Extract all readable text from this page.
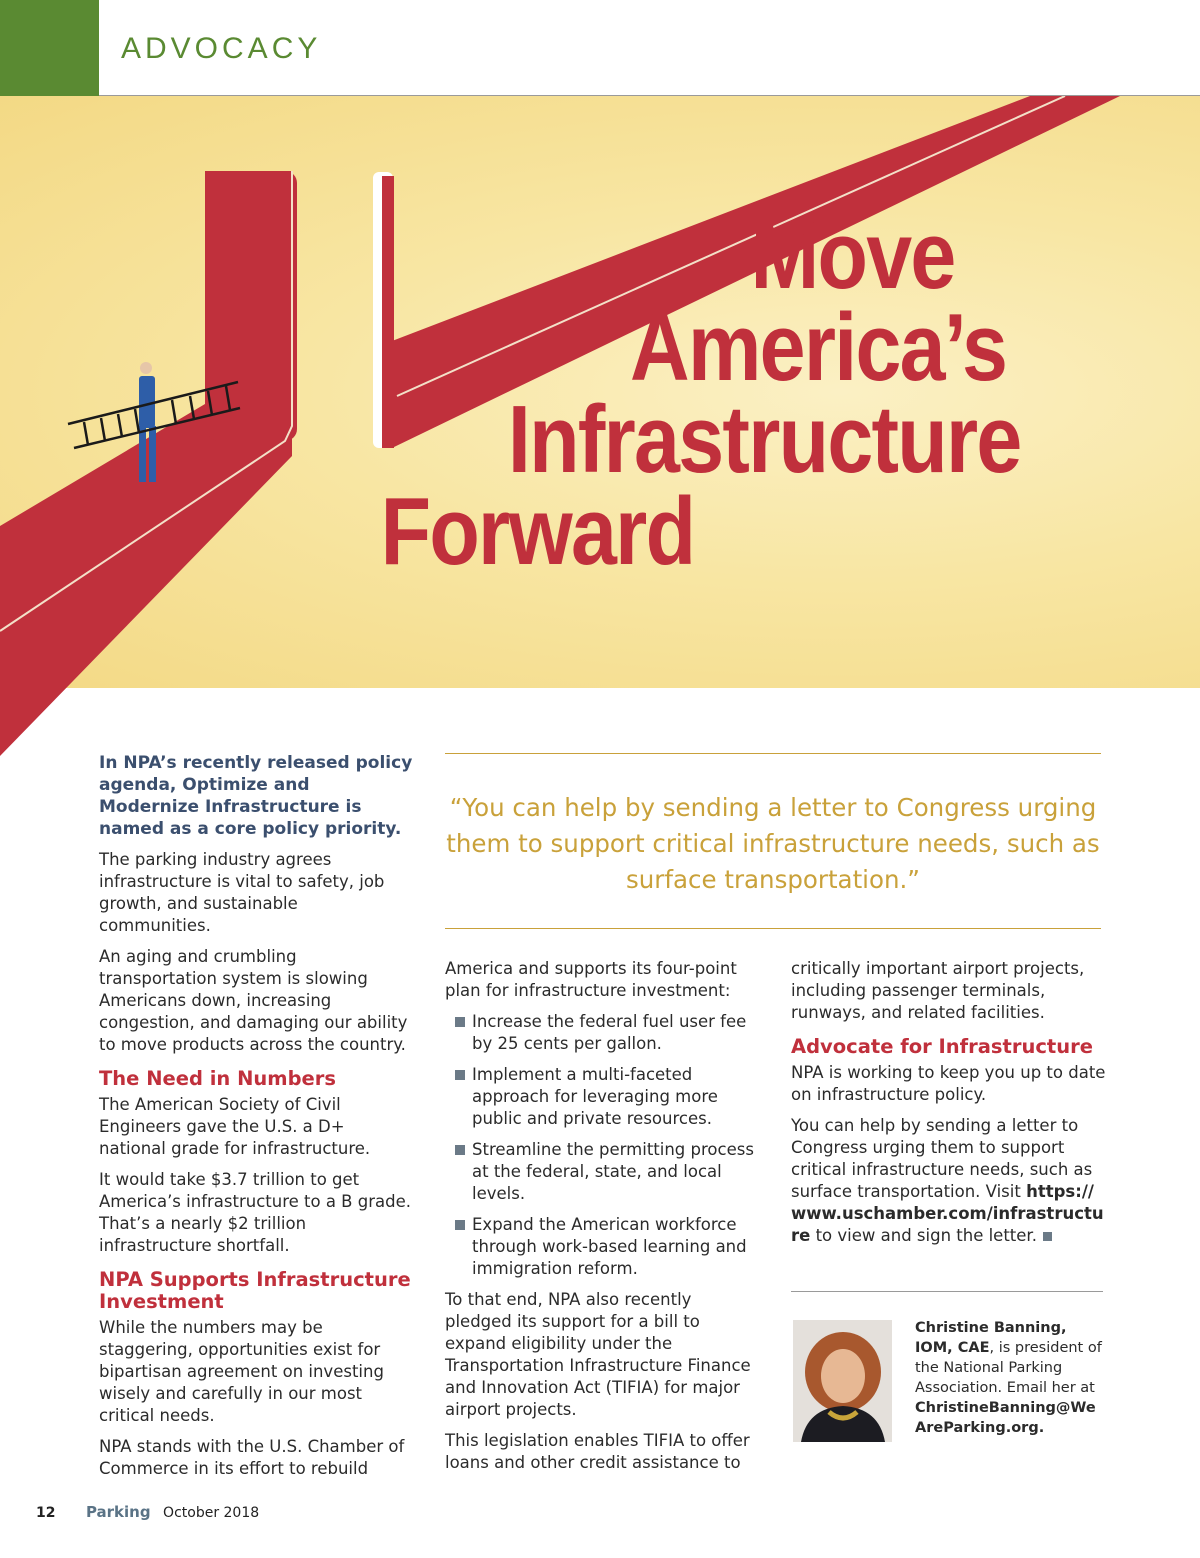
ADVOCACY
Move
America’s
Infrastructure
Forward

In NPA’s recently released policy agenda, Optimize and Modernize Infrastructure is named as a core policy priority.

The parking industry agrees infrastructure is vital to safety, job growth, and sustainable communities.

An aging and crumbling transportation system is slowing Americans down, increasing congestion, and damaging our ability to move products across the country.

The Need in Numbers

The American Society of Civil Engineers gave the U.S. a D+ national grade for infrastructure.

It would take $3.7 trillion to get America’s infrastructure to a B grade. That’s a nearly $2 trillion infrastructure shortfall.

NPA Supports Infrastructure Investment

While the numbers may be staggering, opportunities exist for bipartisan agreement on investing wisely and carefully in our most critical needs.

NPA stands with the U.S. Chamber of Commerce in its effort to rebuild

“You can help by sending a letter to Congress urging them to support critical infrastructure needs, such as surface transportation.”

America and supports its four-point plan for infrastructure investment:

Increase the federal fuel user fee by 25 cents per gallon.
Implement a multi-faceted approach for leveraging more public and private resources.
Streamline the permitting process at the federal, state, and local levels.
Expand the American workforce through work-based learning and immigration reform.

To that end, NPA also recently pledged its support for a bill to expand eligibility under the Transportation Infrastructure Finance and Innovation Act (TIFIA) for major airport projects.

This legislation enables TIFIA to offer loans and other credit assistance to

critically important airport projects, including passenger terminals, runways, and related facilities.

Advocate for Infrastructure

NPA is working to keep you up to date on infrastructure policy.

You can help by sending a letter to Congress urging them to support critical infrastructure needs, such as surface transportation. Visit https://www.uschamber.com/infrastructure to view and sign the letter.

Christine Banning, IOM, CAE, is president of the National Parking Association. Email her at ChristineBanning@WeAreParking.org.
12 Parking October 2018
